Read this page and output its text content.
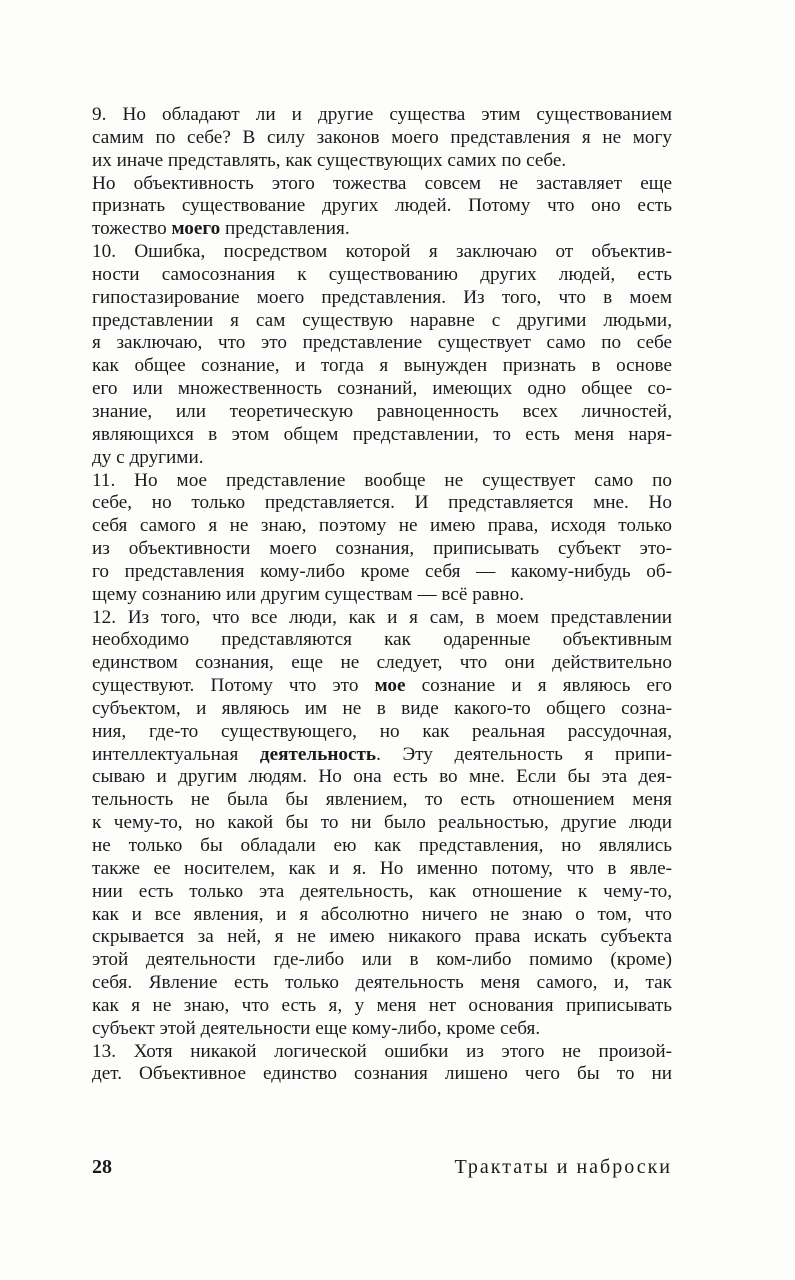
9. Но обладают ли и другие существа этим существованием
самим по себе? В силу законов моего представления я не могу
их иначе представлять, как существующих самих по себе.
Но объективность этого тожества совсем не заставляет еще
признать существование других людей. Потому что оно есть
тожество моего представления.
10. Ошибка, посредством которой я заключаю от объектив-
ности самосознания к существованию других людей, есть
гипостазирование моего представления. Из того, что в моем
представлении я сам существую наравне с другими людьми,
я заключаю, что это представление существует само по себе
как общее сознание, и тогда я вынужден признать в основе
его или множественность сознаний, имеющих одно общее со-
знание, или теоретическую равноценность всех личностей,
являющихся в этом общем представлении, то есть меня наря-
ду с другими.
11. Но мое представление вообще не существует само по
себе, но только представляется. И представляется мне. Но
себя самого я не знаю, поэтому не имею права, исходя только
из объективности моего сознания, приписывать субъект это-
го представления кому-либо кроме себя — какому-нибудь об-
щему сознанию или другим существам — всё равно.
12. Из того, что все люди, как и я сам, в моем представлении
необходимо представляются как одаренные объективным
единством сознания, еще не следует, что они действительно
существуют. Потому что это мое сознание и я являюсь его
субъектом, и являюсь им не в виде какого-то общего созна-
ния, где-то существующего, но как реальная рассудочная,
интеллектуальная деятельность. Эту деятельность я припи-
сываю и другим людям. Но она есть во мне. Если бы эта дея-
тельность не была бы явлением, то есть отношением меня
к чему-то, но какой бы то ни было реальностью, другие люди
не только бы обладали ею как представления, но являлись
также ее носителем, как и я. Но именно потому, что в явле-
нии есть только эта деятельность, как отношение к чему-то,
как и все явления, и я абсолютно ничего не знаю о том, что
скрывается за ней, я не имею никакого права искать субъекта
этой деятельности где-либо или в ком-либо помимо (кроме)
себя. Явление есть только деятельность меня самого, и, так
как я не знаю, что есть я, у меня нет основания приписывать
субъект этой деятельности еще кому-либо, кроме себя.
13. Хотя никакой логической ошибки из этого не произой-
дет. Объективное единство сознания лишено чего бы то ни
28	Трактаты и наброски
